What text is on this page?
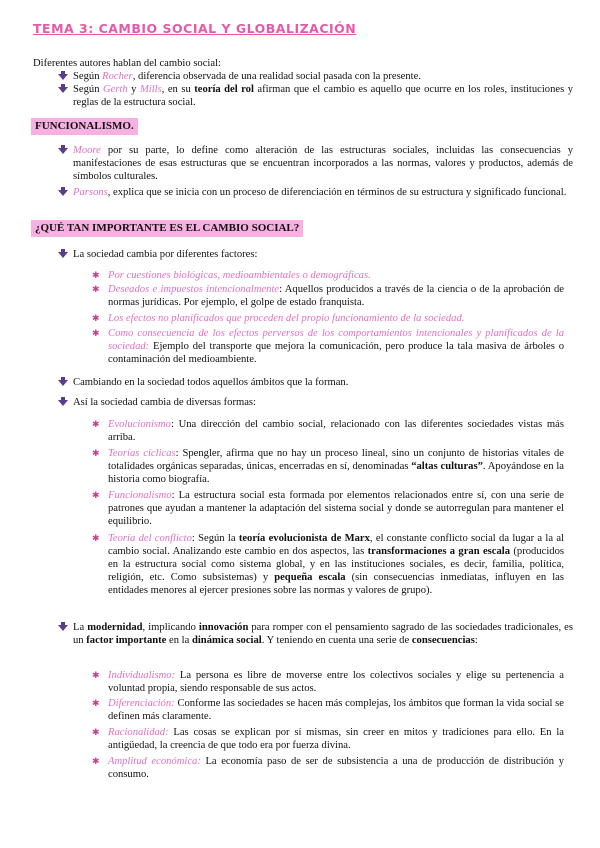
TEMA 3: CAMBIO SOCIAL Y GLOBALIZACIÓN
Diferentes autores hablan del cambio social:
Según Rocher, diferencia observada de una realidad social pasada con la presente.
Según Gerth y Mills, en su teoría del rol afirman que el cambio es aquello que ocurre en los roles, instituciones y reglas de la estructura social.
FUNCIONALISMO.
Moore por su parte, lo define como alteración de las estructuras sociales, incluidas las consecuencias y manifestaciones de esas estructuras que se encuentran incorporados a las normas, valores y productos, además de símbolos culturales.
Parsons, explica que se inicia con un proceso de diferenciación en términos de su estructura y significado funcional.
¿QUÉ TAN IMPORTANTE ES EL CAMBIO SOCIAL?
La sociedad cambia por diferentes factores:
✱ Por cuestiones biológicas, medioambientales o demográficas.
✱ Deseados e impuestos intencionalmente: Aquellos producidos a través de la ciencia o de la aprobación de normas jurídicas. Por ejemplo, el golpe de estado franquista.
✱ Los efectos no planificados que proceden del propio funcionamiento de la sociedad.
✱ Como consecuencia de los efectos perversos de los comportamientos intencionales y planificados de la sociedad: Ejemplo del transporte que mejora la comunicación, pero produce la tala masiva de árboles o contaminación del medioambiente.
Cambiando en la sociedad todos aquellos ámbitos que la forman.
Así la sociedad cambia de diversas formas:
✱ Evolucionismo: Una dirección del cambio social, relacionado con las diferentes sociedades vistas más arriba.
✱ Teorías cíclicas: Spengler, afirma que no hay un proceso lineal, sino un conjunto de historias vitales de totalidades orgánicas separadas, únicas, encerradas en sí, denominadas “altas culturas”. Apoyándose en la historia como biografía.
✱ Funcionalismo: La estructura social esta formada por elementos relacionados entre sí, con una serie de patrones que ayudan a mantener la adaptación del sistema social y donde se autorregulan para mantener el equilibrio.
✱ Teoría del conflicto: Según la teoría evolucionista de Marx, el constante conflicto social da lugar a la al cambio social. Analizando este cambio en dos aspectos, las transformaciones a gran escala (producidos en la estructura social como sistema global, y en las instituciones sociales, es decir, familia, política, religión, etc. Como subsistemas) y pequeña escala (sin consecuencias inmediatas, influyen en las entidades menores al ejercer presiones sobre las normas y valores de grupo).
La modernidad, implicando innovación para romper con el pensamiento sagrado de las sociedades tradicionales, es un factor importante en la dinámica social. Y teniendo en cuenta una serie de consecuencias:
✱ Individualismo: La persona es libre de moverse entre los colectivos sociales y elige su pertenencia a voluntad propia, siendo responsable de sus actos.
✱ Diferenciación: Conforme las sociedades se hacen más complejas, los ámbitos que forman la vida social se definen más claramente.
✱ Racionalidad: Las cosas se explican por sí mismas, sin creer en mitos y tradiciones para ello. En la antigüedad, la creencia de que todo era por fuerza divina.
✱ Amplitud económica: La economía paso de ser de subsistencia a una de producción de distribución y consumo.
